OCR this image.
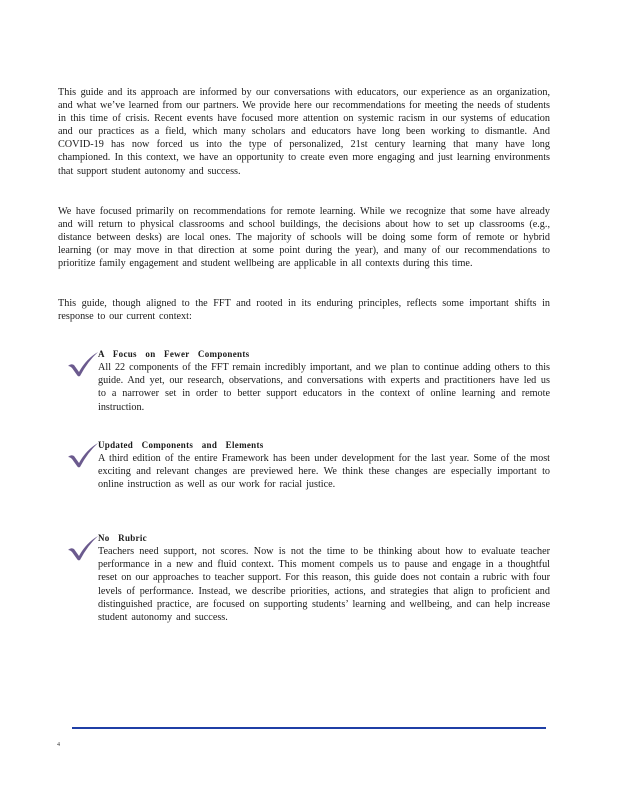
This guide and its approach are informed by our conversations with educators, our experience as an organization, and what we’ve learned from our partners. We provide here our recommendations for meeting the needs of students in this time of crisis. Recent events have focused more attention on systemic racism in our systems of education and our practices as a field, which many scholars and educators have long been working to dismantle. And COVID-19 has now forced us into the type of personalized, 21st century learning that many have long championed. In this context, we have an opportunity to create even more engaging and just learning environments that support student autonomy and success.

We have focused primarily on recommendations for remote learning. While we recognize that some have already and will return to physical classrooms and school buildings, the decisions about how to set up classrooms (e.g., distance between desks) are local ones. The majority of schools will be doing some form of remote or hybrid learning (or may move in that direction at some point during the year), and many of our recommendations to prioritize family engagement and student wellbeing are applicable in all contexts during this time.

This guide, though aligned to the FFT and rooted in its enduring principles, reflects some important shifts in response to our current context:

A Focus on Fewer Components

All 22 components of the FFT remain incredibly important, and we plan to continue adding others to this guide. And yet, our research, observations, and conversations with experts and practitioners have led us to a narrower set in order to better support educators in the context of online learning and remote instruction.

Updated Components and Elements

A third edition of the entire Framework has been under development for the last year. Some of the most exciting and relevant changes are previewed here. We think these changes are especially important to online instruction as well as our work for racial justice.

No Rubric

Teachers need support, not scores. Now is not the time to be thinking about how to evaluate teacher performance in a new and fluid context. This moment compels us to pause and engage in a thoughtful reset on our approaches to teacher support. For this reason, this guide does not contain a rubric with four levels of performance. Instead, we describe priorities, actions, and strategies that align to proficient and distinguished practice, are focused on supporting students’ learning and wellbeing, and can help increase student autonomy and success.

4
